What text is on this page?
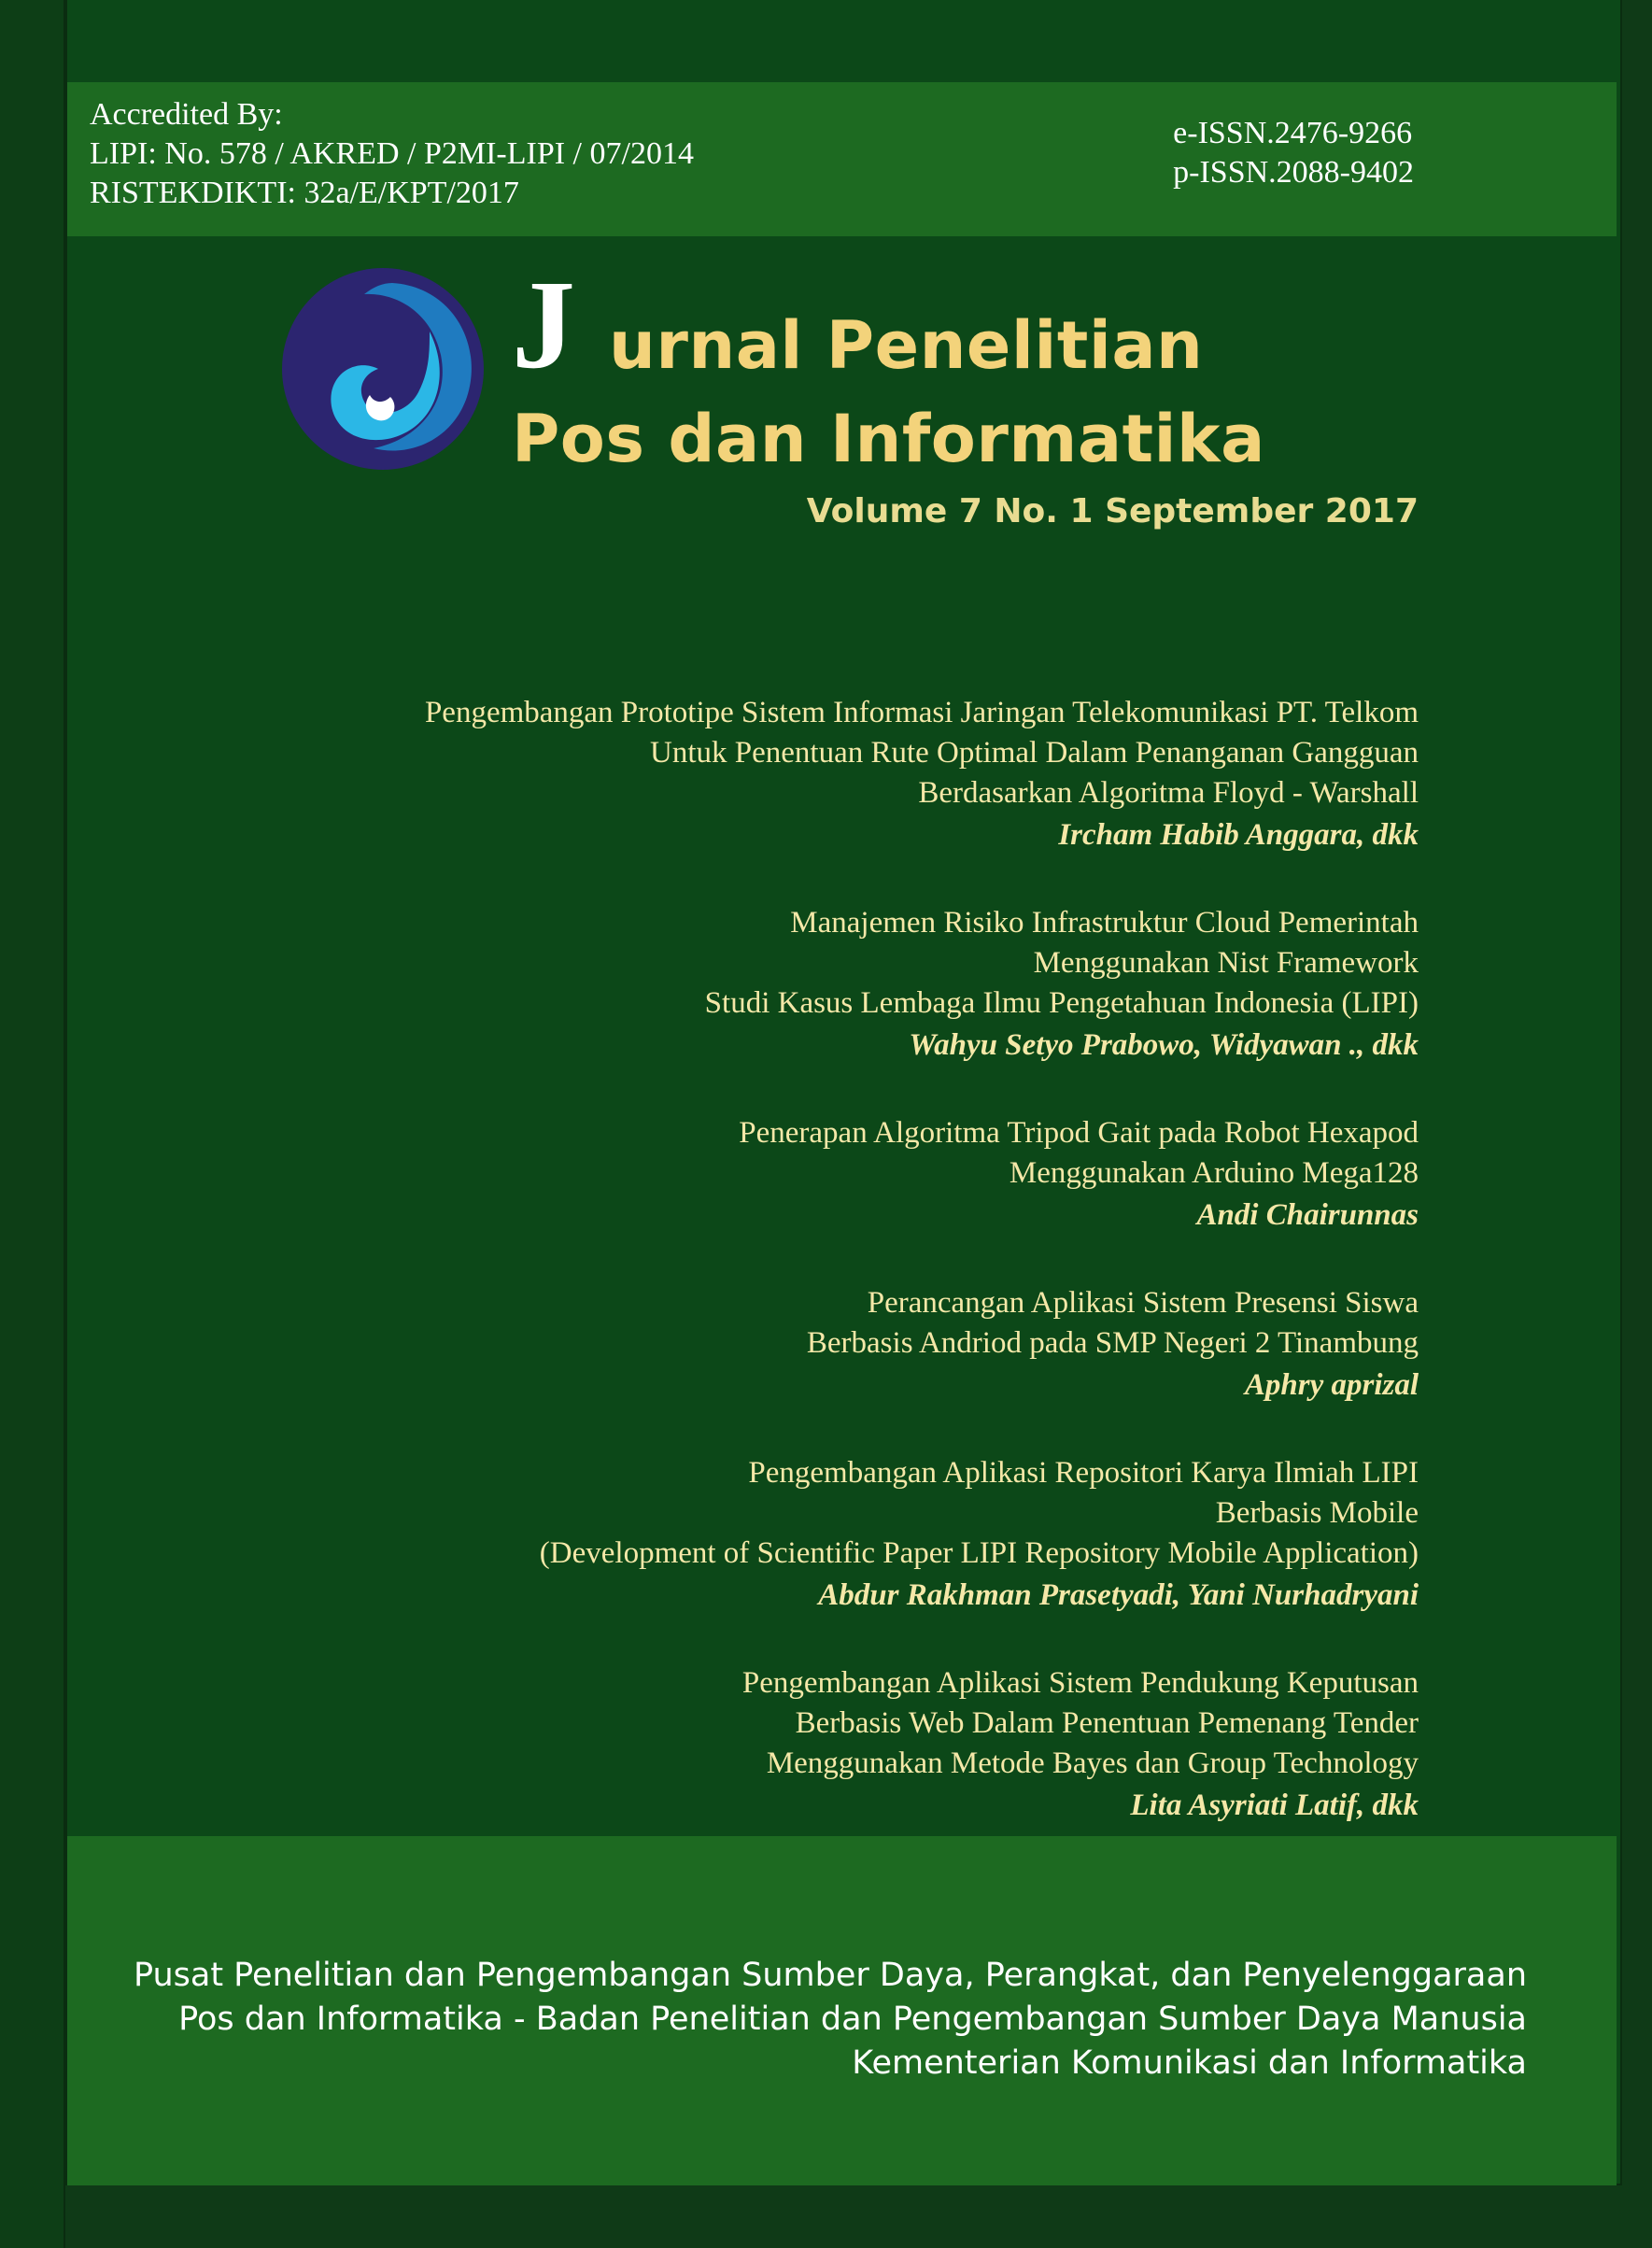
Accredited By:
LIPI: No. 578 / AKRED / P2MI-LIPI / 07/2014
RISTEKDIKTI: 32a/E/KPT/2017
e-ISSN.2476-9266
p-ISSN.2088-9402
J urnal Penelitian
Pos dan Informatika
Volume 7 No. 1 September 2017
Pengembangan Prototipe Sistem Informasi Jaringan Telekomunikasi PT. Telkom
Untuk Penentuan Rute Optimal Dalam Penanganan Gangguan
Berdasarkan Algoritma Floyd - Warshall
Ircham Habib Anggara, dkk
Manajemen Risiko Infrastruktur Cloud Pemerintah
Menggunakan Nist Framework
Studi Kasus Lembaga Ilmu Pengetahuan Indonesia (LIPI)
Wahyu Setyo Prabowo, Widyawan ., dkk
Penerapan Algoritma Tripod Gait pada Robot Hexapod
Menggunakan Arduino Mega128
Andi Chairunnas
Perancangan Aplikasi Sistem Presensi Siswa
Berbasis Andriod pada SMP Negeri 2 Tinambung
Aphry aprizal
Pengembangan Aplikasi Repositori Karya Ilmiah LIPI
Berbasis Mobile
(Development of Scientific Paper LIPI Repository Mobile Application)
Abdur Rakhman Prasetyadi, Yani Nurhadryani
Pengembangan Aplikasi Sistem Pendukung Keputusan
Berbasis Web Dalam Penentuan Pemenang Tender
Menggunakan Metode Bayes dan Group Technology
Lita Asyriati Latif, dkk
Pusat Penelitian dan Pengembangan Sumber Daya, Perangkat, dan Penyelenggaraan
Pos dan Informatika - Badan Penelitian dan Pengembangan Sumber Daya Manusia
Kementerian Komunikasi dan Informatika
